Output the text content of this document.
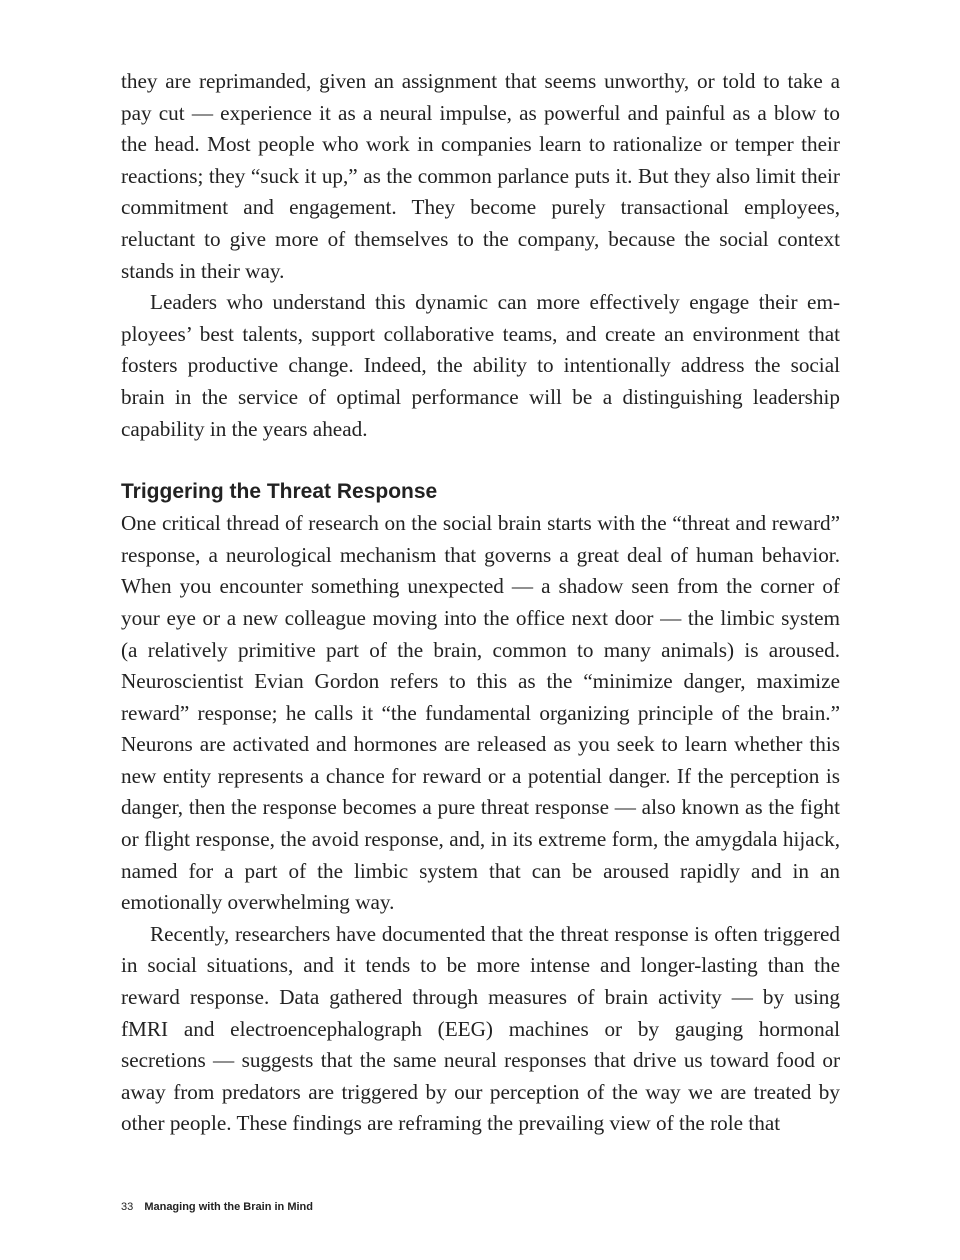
they are reprimanded, given an assignment that seems unworthy, or told to take a pay cut — experience it as a neural impulse, as powerful and painful as a blow to the head. Most people who work in companies learn to rationalize or temper their reactions; they “suck it up,” as the common parlance puts it. But they also limit their commitment and engagement. They become purely transactional employees, reluctant to give more of themselves to the company, because the social context stands in their way.

Leaders who understand this dynamic can more effectively engage their employees’ best talents, support collaborative teams, and create an environment that fosters productive change. Indeed, the ability to intentionally address the social brain in the service of optimal performance will be a distinguishing leadership capability in the years ahead.

Triggering the Threat Response

One critical thread of research on the social brain starts with the “threat and reward” response, a neurological mechanism that governs a great deal of human behavior. When you encounter something unexpected — a shadow seen from the corner of your eye or a new colleague moving into the office next door — the limbic system (a relatively primitive part of the brain, common to many animals) is aroused. Neuroscientist Evian Gordon refers to this as the “minimize danger, maximize reward” response; he calls it “the fundamental organizing principle of the brain.” Neurons are activated and hormones are released as you seek to learn whether this new entity represents a chance for reward or a potential danger. If the perception is danger, then the response becomes a pure threat response — also known as the fight or flight response, the avoid response, and, in its extreme form, the amygdala hijack, named for a part of the limbic system that can be aroused rapidly and in an emotionally overwhelming way.

Recently, researchers have documented that the threat response is often triggered in social situations, and it tends to be more intense and longer-lasting than the reward response. Data gathered through measures of brain activity — by using fMRI and electroencephalograph (EEG) machines or by gauging hormonal secretions — suggests that the same neural responses that drive us toward food or away from predators are triggered by our perception of the way we are treated by other people. These findings are reframing the prevailing view of the role that

33 Managing with the Brain in Mind
